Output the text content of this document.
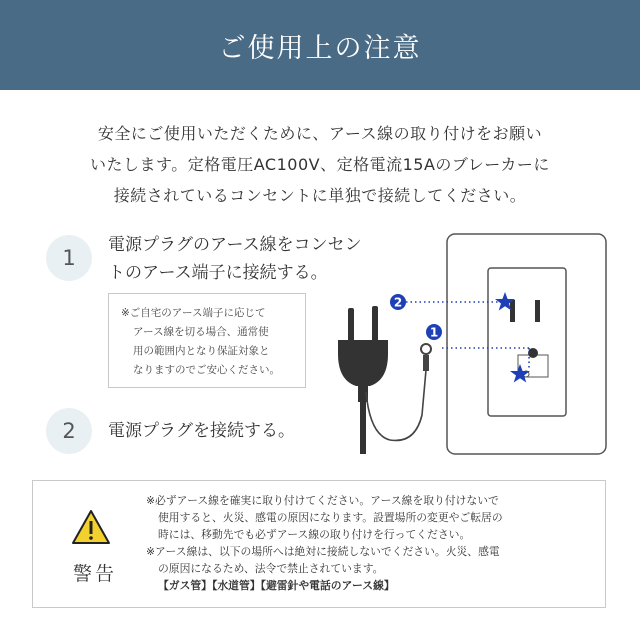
ご使用上の注意
安全にご使用いただくために、アース線の取り付けをお願い
いたします。定格電圧AC100V、定格電流15Aのブレーカーに
接続されているコンセントに単独で接続してください。
1
電源プラグのアース線をコンセン
トのアース端子に接続する。
※ご自宅のアース端子に応じて
アース線を切る場合、通常使
用の範囲内となり保証対象と
なりますのでご安心ください。
2	電源プラグを接続する。
2
1
警告
※必ずアース線を確実に取り付けてください。アース線を取り付けないで
使用すると、火災、感電の原因になります。設置場所の変更やご転居の
時には、移動先でも必ずアース線の取り付けを行ってください。
※アース線は、以下の場所へは絶対に接続しないでください。火災、感電
の原因になるため、法令で禁止されています。
【ガス管】【水道管】【避雷針や電話のアース線】
